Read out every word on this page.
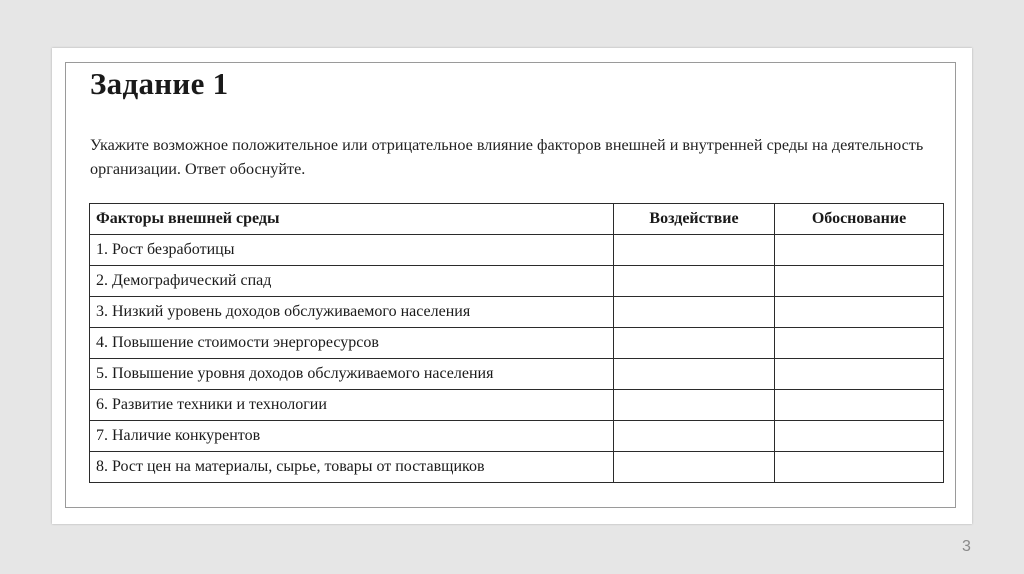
Задание 1

Укажите возможное положительное или отрицательное влияние факторов внешней и внутренней среды на деятельность организации. Ответ обоснуйте.

Факторы внешней среды	Воздействие	Обоснование
1. Рост безработицы		
2. Демографический спад		
3. Низкий уровень доходов обслуживаемого населения		
4. Повышение стоимости энергоресурсов		
5. Повышение уровня доходов обслуживаемого населения		
6. Развитие техники и технологии		
7. Наличие конкурентов		
8. Рост цен на материалы, сырье, товары от поставщиков		
3
